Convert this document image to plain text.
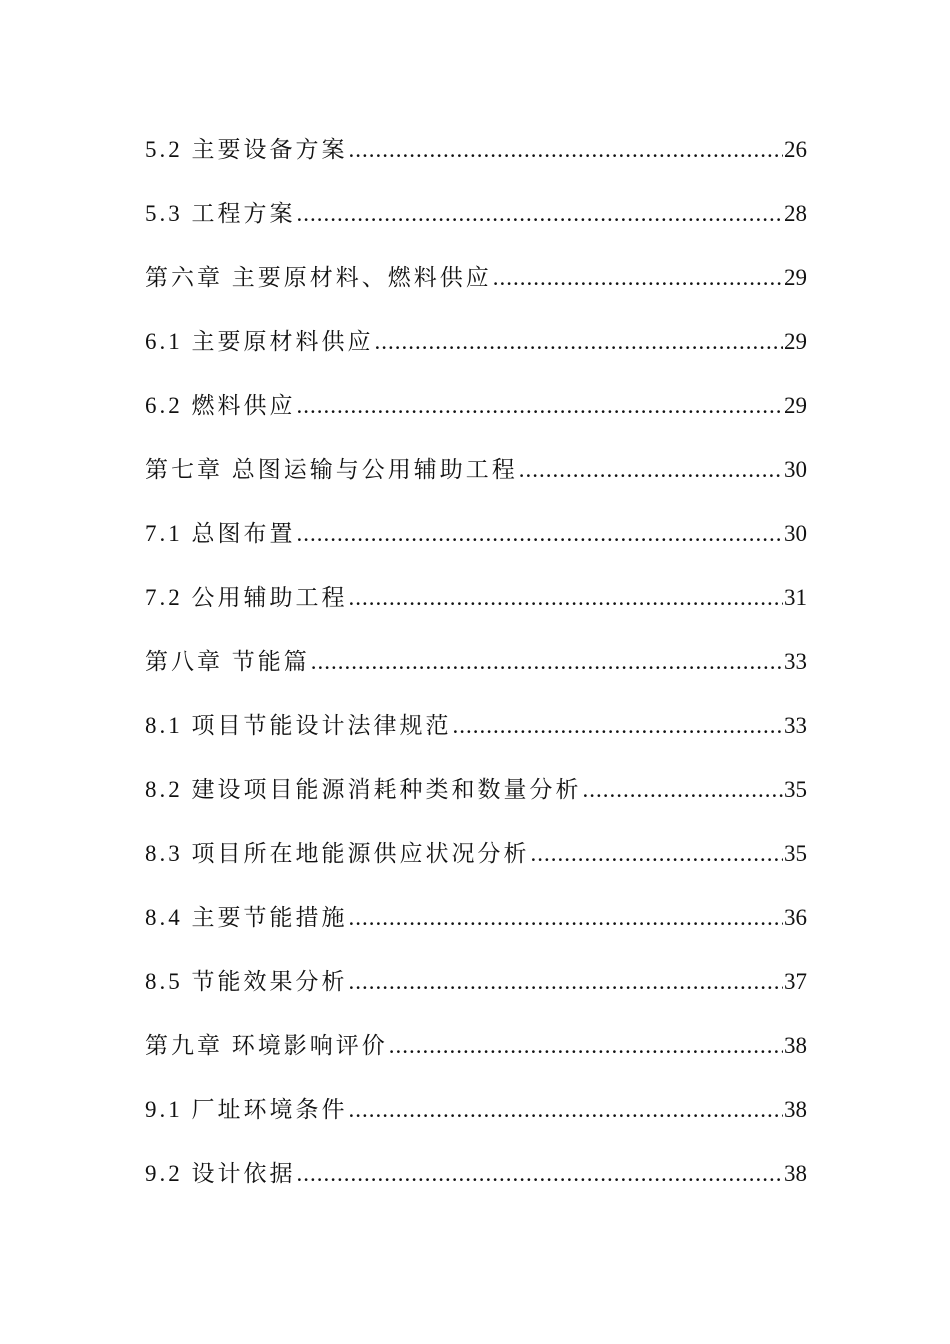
5.2 主要设备方案 .....	26
5.3 工程方案 .....	28
第六章 主要原材料、燃料供应 .....	29
6.1 主要原材料供应 .....	29
6.2 燃料供应 .....	29
第七章 总图运输与公用辅助工程 .....	30
7.1 总图布置 .....	30
7.2 公用辅助工程 .....	31
第八章 节能篇 .....	33
8.1 项目节能设计法律规范 .....	33
8.2 建设项目能源消耗种类和数量分析 .....	35
8.3 项目所在地能源供应状况分析 .....	35
8.4 主要节能措施 .....	36
8.5 节能效果分析 .....	37
第九章 环境影响评价 .....	38
9.1 厂址环境条件 .....	38
9.2 设计依据 .....	38
